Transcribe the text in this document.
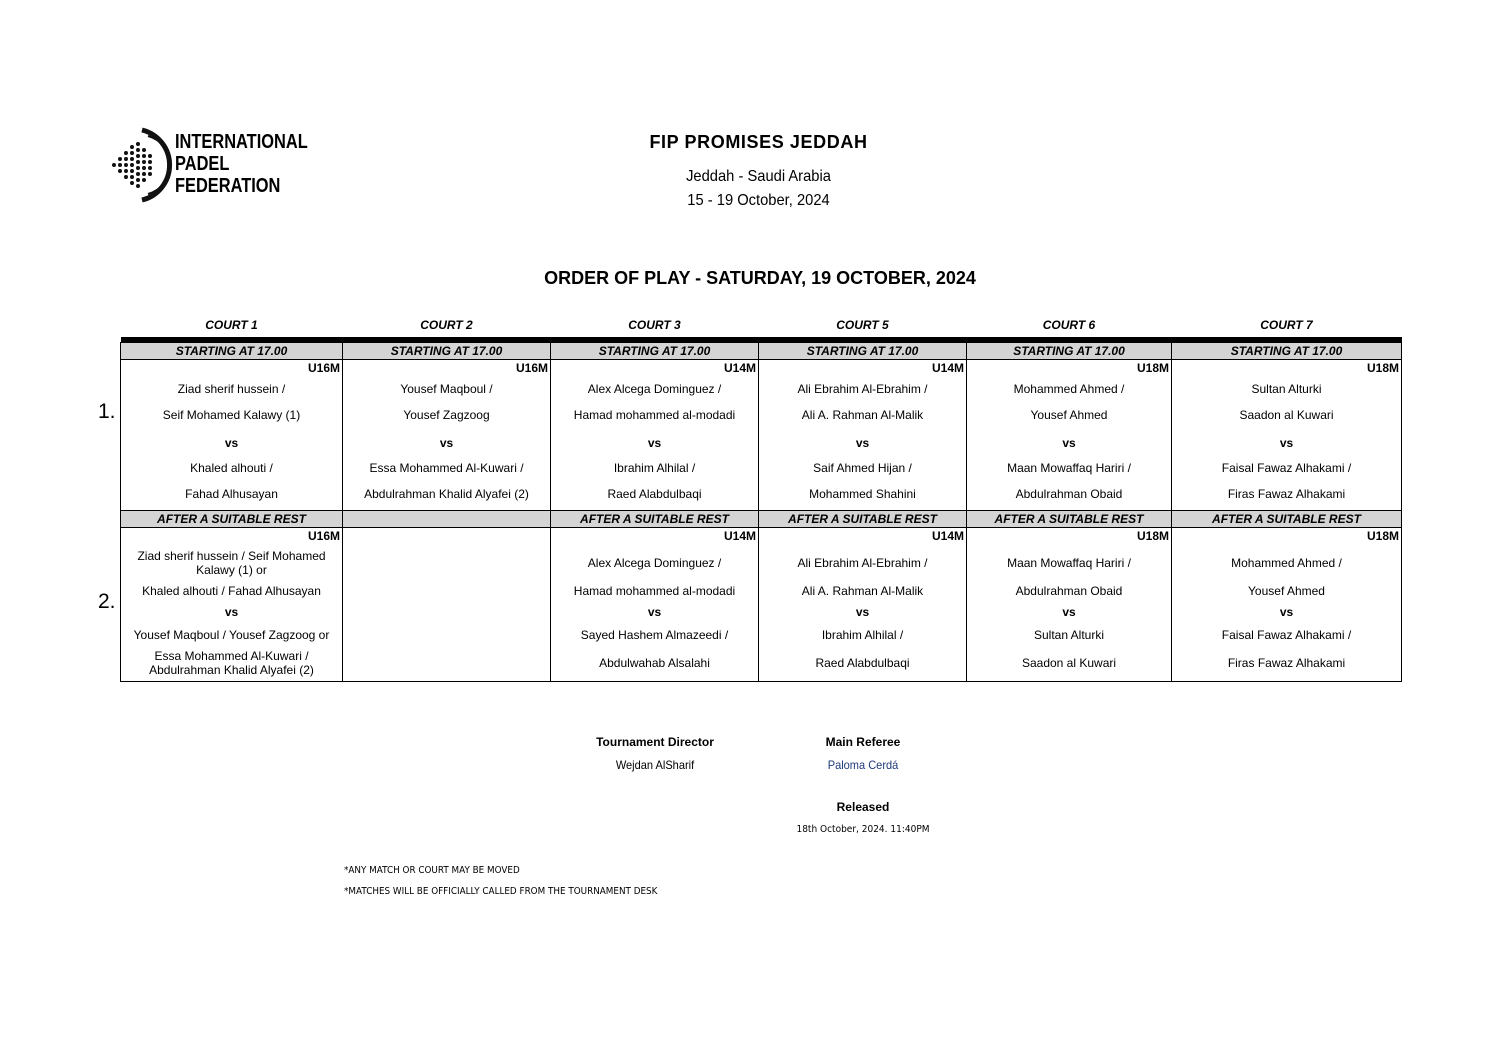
INTERNATIONAL
PADEL
FEDERATION
FIP PROMISES JEDDAH
Jeddah - Saudi Arabia
15 - 19 October, 2024
ORDER OF PLAY - SATURDAY, 19 OCTOBER, 2024
1.
2.
COURT 1	COURT 2	COURT 3	COURT 5	COURT 6	COURT 7

STARTING AT 17.00	STARTING AT 17.00	STARTING AT 17.00	STARTING AT 17.00	STARTING AT 17.00	STARTING AT 17.00
U16M	U16M	U14M	U14M	U18M	U18M
Ziad sherif hussein /	Yousef Maqboul /	Alex Alcega Dominguez /	Ali Ebrahim Al-Ebrahim /	Mohammed Ahmed /	Sultan Alturki
Seif Mohamed Kalawy (1)	Yousef Zagzoog	Hamad mohammed al-modadi	Ali A. Rahman Al-Malik	Yousef Ahmed	Saadon al Kuwari
vs	vs	vs	vs	vs	vs
Khaled alhouti /	Essa Mohammed Al-Kuwari /	Ibrahim Alhilal /	Saif Ahmed Hijan /	Maan Mowaffaq Hariri /	Faisal Fawaz Alhakami /
Fahad Alhusayan	Abdulrahman Khalid Alyafei (2)	Raed Alabdulbaqi	Mohammed Shahini	Abdulrahman Obaid	Firas Fawaz Alhakami
AFTER A SUITABLE REST		AFTER A SUITABLE REST	AFTER A SUITABLE REST	AFTER A SUITABLE REST	AFTER A SUITABLE REST
U16M		U14M	U14M	U18M	U18M
Ziad sherif hussein / Seif Mohamed Kalawy (1) or		Alex Alcega Dominguez /	Ali Ebrahim Al-Ebrahim /	Maan Mowaffaq Hariri /	Mohammed Ahmed /
Khaled alhouti / Fahad Alhusayan		Hamad mohammed al-modadi	Ali A. Rahman Al-Malik	Abdulrahman Obaid	Yousef Ahmed
vs		vs	vs	vs	vs
Yousef Maqboul / Yousef Zagzoog or		Sayed Hashem Almazeedi /	Ibrahim Alhilal /	Sultan Alturki	Faisal Fawaz Alhakami /
Essa Mohammed Al-Kuwari / Abdulrahman Khalid Alyafei (2)		Abdulwahab Alsalahi	Raed Alabdulbaqi	Saadon al Kuwari	Firas Fawaz Alhakami
Tournament Director
Wejdan AlSharif
Main Referee
Paloma Cerdá
Released
18th October, 2024. 11:40PM
*ANY MATCH OR COURT MAY BE MOVED
*MATCHES WILL BE OFFICIALLY CALLED FROM THE TOURNAMENT DESK
